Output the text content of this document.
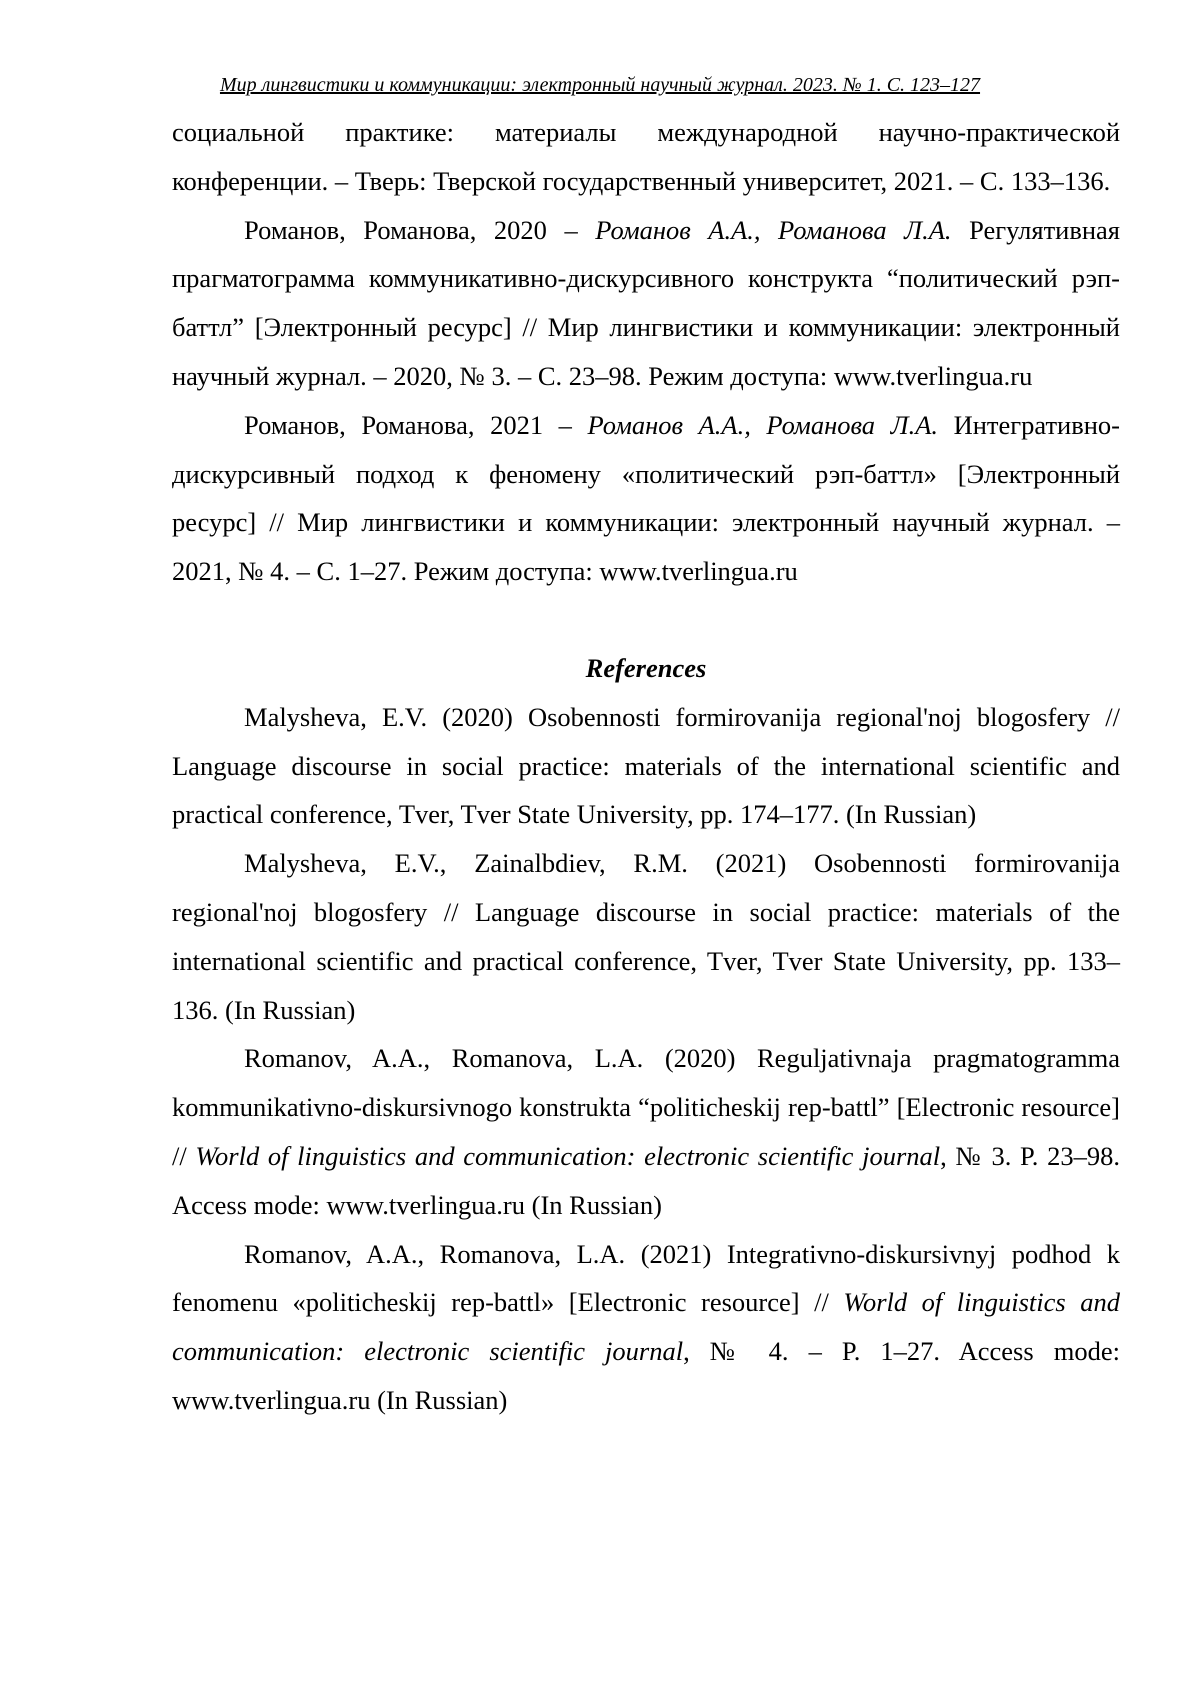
Мир лингвистики и коммуникации: электронный научный журнал. 2023. № 1. С. 123–127

социальной практике: материалы международной научно-практической конференции. – Тверь: Тверской государственный университет, 2021. – С. 133–136.

Романов, Романова, 2020 – Романов А.А., Романова Л.А. Регулятивная прагматограмма коммуникативно-дискурсивного конструкта “политический рэп-баттл” [Электронный ресурс] // Мир лингвистики и коммуникации: электронный научный журнал. – 2020, № 3. – С. 23–98. Режим доступа: www.tverlingua.ru

Романов, Романова, 2021 – Романов А.А., Романова Л.А. Интегративно-дискурсивный подход к феномену «политический рэп-баттл» [Электронный ресурс] // Мир лингвистики и коммуникации: электронный научный журнал. – 2021, № 4. – С. 1–27. Режим доступа: www.tverlingua.ru

References

Malysheva, E.V. (2020) Osobennosti formirovanija regional'noj blogosfery // Language discourse in social practice: materials of the international scientific and practical conference, Tver, Tver State University, pp. 174–177. (In Russian)

Malysheva, E.V., Zainalbdiev, R.M. (2021) Osobennosti formirovanija regional'noj blogosfery // Language discourse in social practice: materials of the international scientific and practical conference, Tver, Tver State University, pp. 133–136. (In Russian)

Romanov, A.A., Romanova, L.A. (2020) Reguljativnaja pragmatogramma kommunikativno-diskursivnogo konstrukta “politicheskij rep-battl” [Electronic resource] // World of linguistics and communication: electronic scientific journal, № 3. P. 23–98. Access mode: www.tverlingua.ru (In Russian)

Romanov, A.A., Romanova, L.A. (2021) Integrativno-diskursivnyj podhod k fenomenu «politicheskij rep-battl» [Electronic resource] // World of linguistics and communication: electronic scientific journal, № 4. – P. 1–27. Access mode: www.tverlingua.ru (In Russian)
